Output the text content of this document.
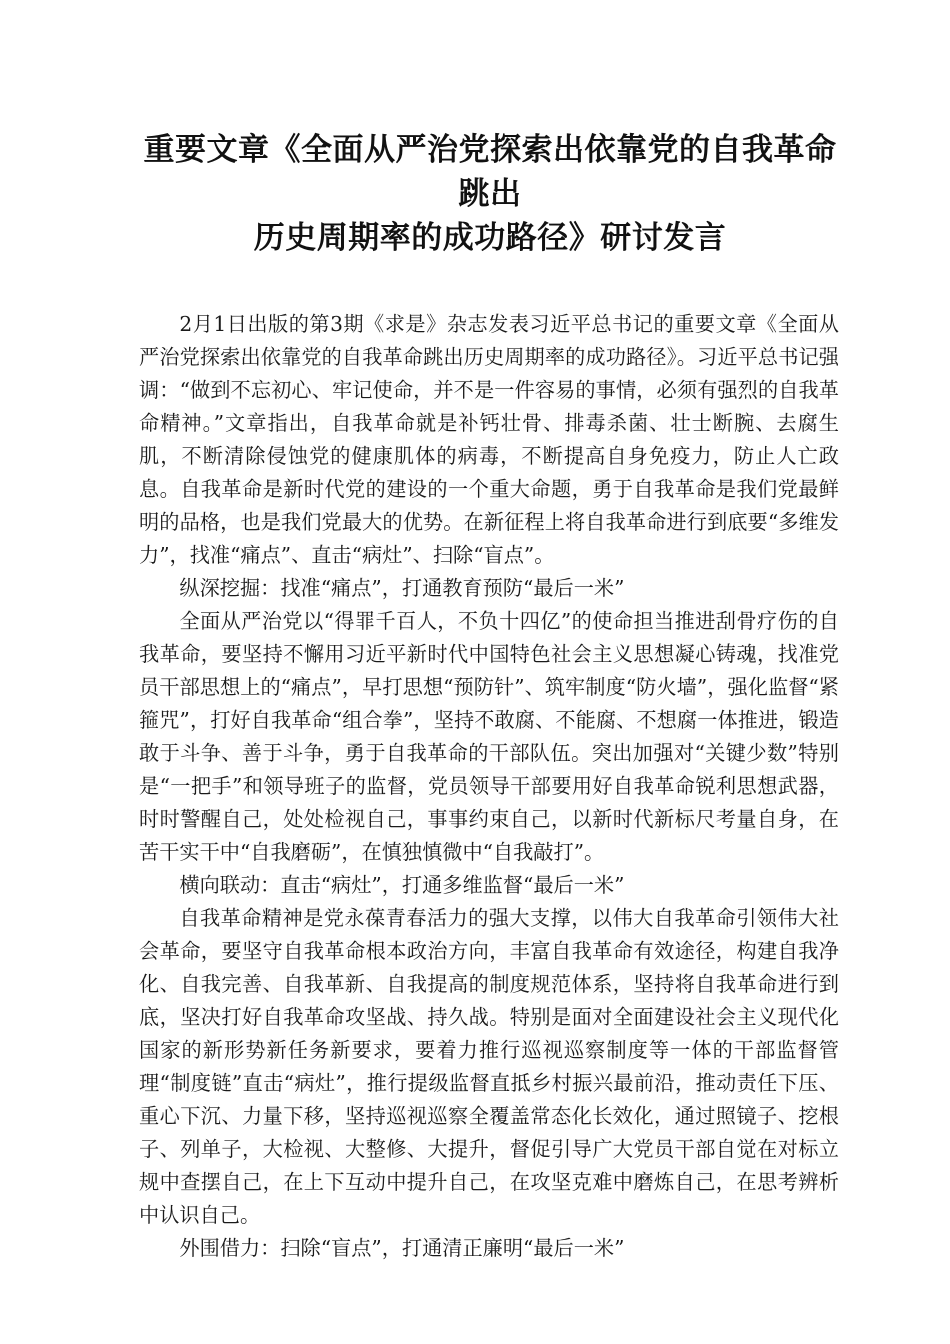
重要文章《全面从严治党探索出依靠党的自我革命跳出
历史周期率的成功路径》研讨发言

2月1日出版的第3期《求是》杂志发表习近平总书记的重要文章《全面从严治党探索出依靠党的自我革命跳出历史周期率的成功路径》。习近平总书记强调：“做到不忘初心、牢记使命，并不是一件容易的事情，必须有强烈的自我革命精神。”文章指出，自我革命就是补钙壮骨、排毒杀菌、壮士断腕、去腐生肌，不断清除侵蚀党的健康肌体的病毒，不断提高自身免疫力，防止人亡政息。自我革命是新时代党的建设的一个重大命题，勇于自我革命是我们党最鲜明的品格，也是我们党最大的优势。在新征程上将自我革命进行到底要“多维发力”，找准“痛点”、直击“病灶”、扫除“盲点”。

纵深挖掘：找准“痛点”，打通教育预防“最后一米”

全面从严治党以“得罪千百人，不负十四亿”的使命担当推进刮骨疗伤的自我革命，要坚持不懈用习近平新时代中国特色社会主义思想凝心铸魂，找准党员干部思想上的“痛点”，早打思想“预防针”、筑牢制度“防火墙”，强化监督“紧箍咒”，打好自我革命“组合拳”，坚持不敢腐、不能腐、不想腐一体推进，锻造敢于斗争、善于斗争，勇于自我革命的干部队伍。突出加强对“关键少数”特别是“一把手”和领导班子的监督，党员领导干部要用好自我革命锐利思想武器，时时警醒自己，处处检视自己，事事约束自己，以新时代新标尺考量自身，在苦干实干中“自我磨砺”，在慎独慎微中“自我敲打”。

横向联动：直击“病灶”，打通多维监督“最后一米”

自我革命精神是党永葆青春活力的强大支撑，以伟大自我革命引领伟大社会革命，要坚守自我革命根本政治方向，丰富自我革命有效途径，构建自我净化、自我完善、自我革新、自我提高的制度规范体系，坚持将自我革命进行到底，坚决打好自我革命攻坚战、持久战。特别是面对全面建设社会主义现代化国家的新形势新任务新要求，要着力推行巡视巡察制度等一体的干部监督管理“制度链”直击“病灶”，推行提级监督直抵乡村振兴最前沿，推动责任下压、重心下沉、力量下移，坚持巡视巡察全覆盖常态化长效化，通过照镜子、挖根子、列单子，大检视、大整修、大提升，督促引导广大党员干部自觉在对标立规中查摆自己，在上下互动中提升自己，在攻坚克难中磨炼自己，在思考辨析中认识自己。

外围借力：扫除“盲点”，打通清正廉明“最后一米”
